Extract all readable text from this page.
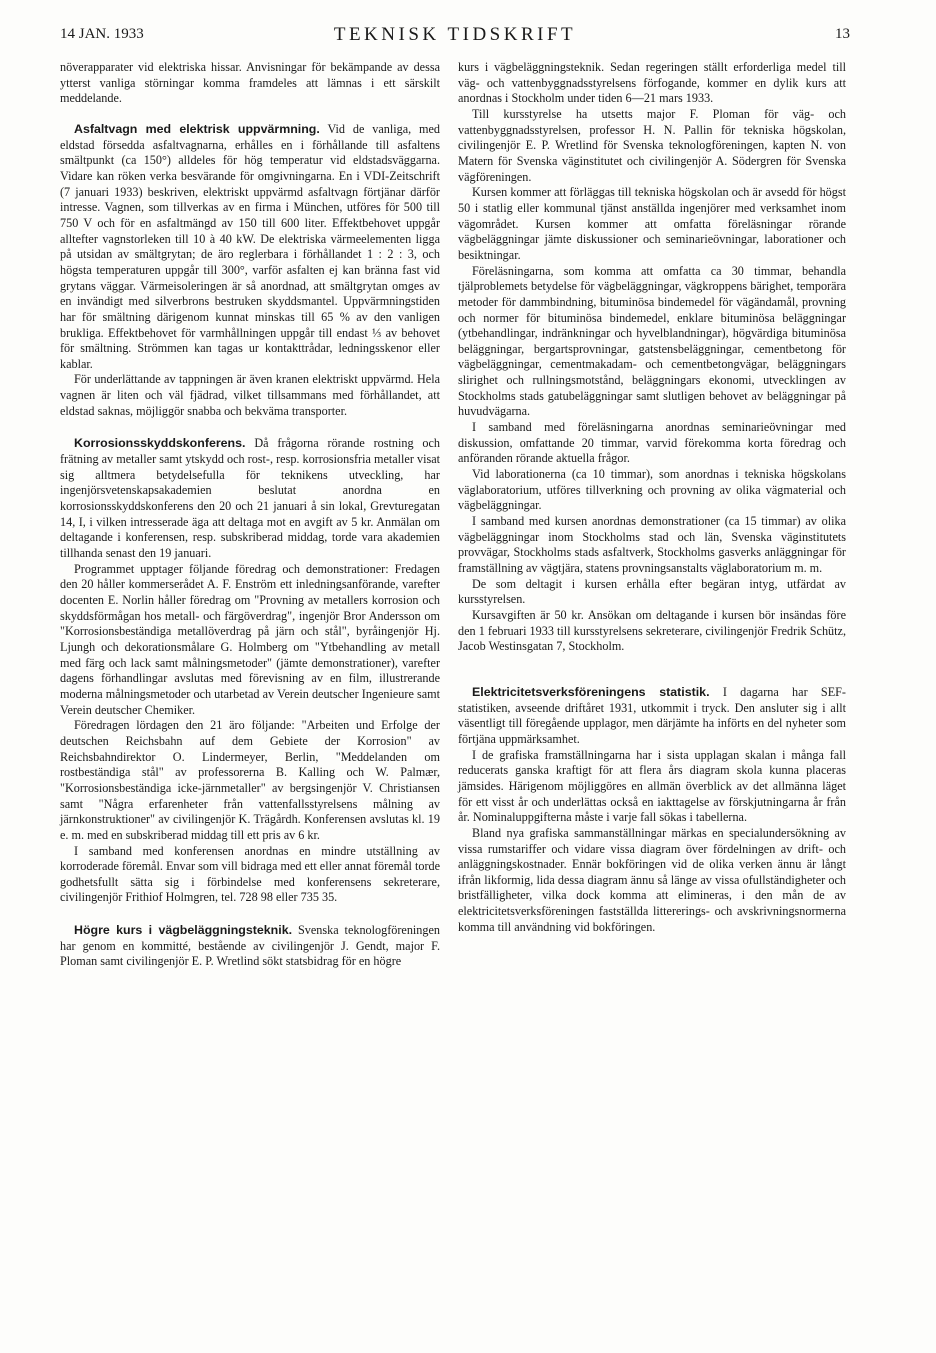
14 JAN. 1933	TEKNISK TIDSKRIFT	13

növerapparater vid elektriska hissar. Anvisningar för bekämpande av dessa ytterst vanliga störningar komma framdeles att lämnas i ett särskilt meddelande.

Asfaltvagn med elektrisk uppvärmning. Vid de vanliga, med eldstad försedda asfaltvagnarna, erhålles en i förhållande till asfaltens smältpunkt (ca 150°) alldeles för hög temperatur vid eldstadsväggarna. Vidare kan röken verka besvärande för omgivningarna. En i VDI-Zeitschrift (7 januari 1933) beskriven, elektriskt uppvärmd asfaltvagn förtjänar därför intresse. Vagnen, som tillverkas av en firma i München, utföres för 500 till 750 V och för en asfaltmängd av 150 till 600 liter. Effektbehovet uppgår alltefter vagnstorleken till 10 à 40 kW. De elektriska värmeelementen ligga på utsidan av smältgrytan; de äro reglerbara i förhållandet 1 : 2 : 3, och högsta temperaturen uppgår till 300°, varför asfalten ej kan bränna fast vid grytans väggar. Värmeisoleringen är så anordnad, att smältgrytan omges av en invändigt med silverbrons bestruken skyddsmantel. Uppvärmningstiden har för smältning därigenom kunnat minskas till 65 % av den vanligen brukliga. Effektbehovet för varmhållningen uppgår till endast ⅓ av behovet för smältning. Strömmen kan tagas ur kontakttrådar, ledningsskenor eller kablar.

För underlättande av tappningen är även kranen elektriskt uppvärmd. Hela vagnen är liten och väl fjädrad, vilket tillsammans med förhållandet, att eldstad saknas, möjliggör snabba och bekväma transporter.

Korrosionsskyddskonferens. Då frågorna rörande rostning och frätning av metaller samt ytskydd och rost-, resp. korrosionsfria metaller visat sig alltmera betydelsefulla för teknikens utveckling, har ingenjörsvetenskapsakademien beslutat anordna en korrosionsskyddskonferens den 20 och 21 januari å sin lokal, Grevturegatan 14, I, i vilken intresserade äga att deltaga mot en avgift av 5 kr. Anmälan om deltagande i konferensen, resp. subskriberad middag, torde vara akademien tillhanda senast den 19 januari.

Programmet upptager följande föredrag och demonstrationer: Fredagen den 20 håller kommerserådet A. F. Enström ett inledningsanförande, varefter docenten E. Norlin håller föredrag om "Provning av metallers korrosion och skyddsförmågan hos metall- och färgöverdrag", ingenjör Bror Andersson om "Korrosionsbeständiga metallöverdrag på järn och stål", byråingenjör Hj. Ljungh och dekorationsmålare G. Holmberg om "Ytbehandling av metall med färg och lack samt målningsmetoder" (jämte demonstrationer), varefter dagens förhandlingar avslutas med förevisning av en film, illustrerande moderna målningsmetoder och utarbetad av Verein deutscher Ingenieure samt Verein deutscher Chemiker.

Föredragen lördagen den 21 äro följande: "Arbeiten und Erfolge der deutschen Reichsbahn auf dem Gebiete der Korrosion" av Reichsbahndirektor O. Lindermeyer, Berlin, "Meddelanden om rostbeständiga stål" av professorerna B. Kalling och W. Palmær, "Korrosionsbeständiga icke-järnmetaller" av bergsingenjör V. Christiansen samt "Några erfarenheter från vattenfallsstyrelsens målning av järnkonstruktioner" av civilingenjör K. Trägårdh. Konferensen avslutas kl. 19 e. m. med en subskriberad middag till ett pris av 6 kr.

I samband med konferensen anordnas en mindre utställning av korroderade föremål. Envar som vill bidraga med ett eller annat föremål torde godhetsfullt sätta sig i förbindelse med konferensens sekreterare, civilingenjör Frithiof Holmgren, tel. 728 98 eller 735 35.

Högre kurs i vägbeläggningsteknik. Svenska teknologföreningen har genom en kommitté, bestående av civilingenjör J. Gendt, major F. Ploman samt civilingenjör E. P. Wretlind sökt statsbidrag för en högre

kurs i vägbeläggningsteknik. Sedan regeringen ställt erforderliga medel till väg- och vattenbyggnadsstyrelsens förfogande, kommer en dylik kurs att anordnas i Stockholm under tiden 6—21 mars 1933.

Till kursstyrelse ha utsetts major F. Ploman för väg- och vattenbyggnadsstyrelsen, professor H. N. Pallin för tekniska högskolan, civilingenjör E. P. Wretlind för Svenska teknologföreningen, kapten N. von Matern för Svenska väginstitutet och civilingenjör A. Södergren för Svenska vägföreningen.

Kursen kommer att förläggas till tekniska högskolan och är avsedd för högst 50 i statlig eller kommunal tjänst anställda ingenjörer med verksamhet inom vägområdet. Kursen kommer att omfatta föreläsningar rörande vägbeläggningar jämte diskussioner och seminarieövningar, laborationer och besiktningar.

Föreläsningarna, som komma att omfatta ca 30 timmar, behandla tjälproblemets betydelse för vägbeläggningar, vägkroppens bärighet, temporära metoder för dammbindning, bituminösa bindemedel för vägändamål, provning och normer för bituminösa bindemedel, enklare bituminösa beläggningar (ytbehandlingar, indränkningar och hyvelblandningar), högvärdiga bituminösa beläggningar, bergartsprovningar, gatstensbeläggningar, cementbetong för vägbeläggningar, cementmakadam- och cementbetongvägar, beläggningars slirighet och rullningsmotstånd, beläggningars ekonomi, utvecklingen av Stockholms stads gatubeläggningar samt slutligen behovet av beläggningar på huvudvägarna.

I samband med föreläsningarna anordnas seminarieövningar med diskussion, omfattande 20 timmar, varvid förekomma korta föredrag och anföranden rörande aktuella frågor.

Vid laborationerna (ca 10 timmar), som anordnas i tekniska högskolans väglaboratorium, utföres tillverkning och provning av olika vägmaterial och vägbeläggningar.

I samband med kursen anordnas demonstrationer (ca 15 timmar) av olika vägbeläggningar inom Stockholms stad och län, Svenska väginstitutets provvägar, Stockholms stads asfaltverk, Stockholms gasverks anläggningar för framställning av vägtjära, statens provningsanstalts väglaboratorium m. m.

De som deltagit i kursen erhålla efter begäran intyg, utfärdat av kursstyrelsen.

Kursavgiften är 50 kr. Ansökan om deltagande i kursen bör insändas före den 1 februari 1933 till kursstyrelsens sekreterare, civilingenjör Fredrik Schütz, Jacob Westinsgatan 7, Stockholm.

Elektricitetsverksföreningens statistik. I dagarna har SEF-statistiken, avseende driftåret 1931, utkommit i tryck. Den ansluter sig i allt väsentligt till föregående upplagor, men därjämte ha införts en del nyheter som förtjäna uppmärksamhet.

I de grafiska framställningarna har i sista upplagan skalan i många fall reducerats ganska kraftigt för att flera års diagram skola kunna placeras jämsides. Härigenom möjliggöres en allmän överblick av det allmänna läget för ett visst år och underlättas också en iakttagelse av förskjutningarna år från år. Nominaluppgifterna måste i varje fall sökas i tabellerna.

Bland nya grafiska sammanställningar märkas en specialundersökning av vissa rumstariffer och vidare vissa diagram över fördelningen av drift- och anläggningskostnader. Ennär bokföringen vid de olika verken ännu är långt ifrån likformig, lida dessa diagram ännu så länge av vissa ofullständigheter och bristfälligheter, vilka dock komma att elimineras, i den mån de av elektricitetsverksföreningen fastställda littererings- och avskrivningsnormerna komma till användning vid bokföringen.
